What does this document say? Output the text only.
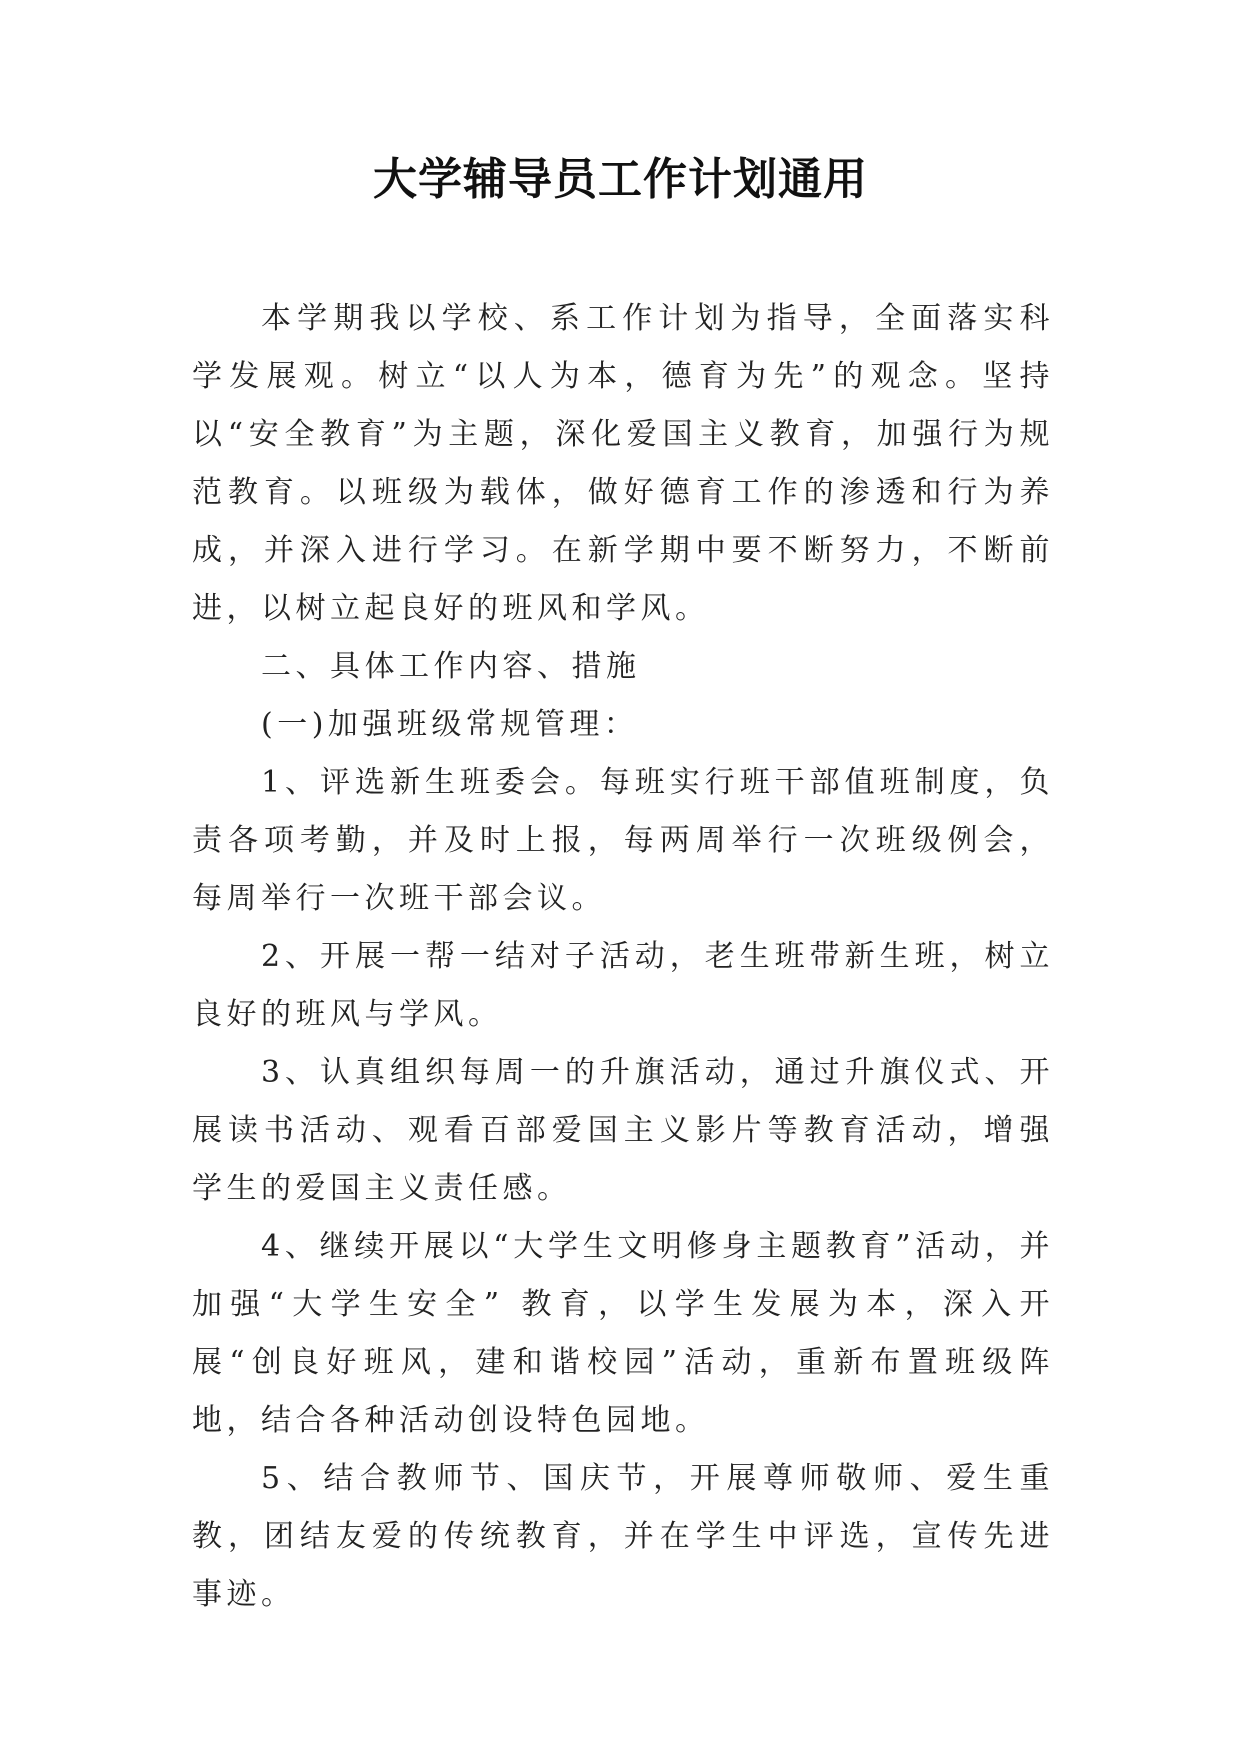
大学辅导员工作计划通用

本学期我以学校、系工作计划为指导，全面落实科学发展观。树立“以人为本，德育为先”的观念。坚持以“安全教育”为主题，深化爱国主义教育，加强行为规范教育。以班级为载体，做好德育工作的渗透和行为养成，并深入进行学习。在新学期中要不断努力，不断前进，以树立起良好的班风和学风。

二、具体工作内容、措施

(一)加强班级常规管理：

1、评选新生班委会。每班实行班干部值班制度，负责各项考勤，并及时上报，每两周举行一次班级例会，每周举行一次班干部会议。

2、开展一帮一结对子活动，老生班带新生班，树立良好的班风与学风。

3、认真组织每周一的升旗活动，通过升旗仪式、开展读书活动、观看百部爱国主义影片等教育活动，增强学生的爱国主义责任感。

4、继续开展以“大学生文明修身主题教育”活动，并加强“大学生安全” 教育，以学生发展为本，深入开展“创良好班风，建和谐校园”活动，重新布置班级阵地，结合各种活动创设特色园地。

5、结合教师节、国庆节，开展尊师敬师、爱生重教，团结友爱的传统教育，并在学生中评选，宣传先进事迹。
